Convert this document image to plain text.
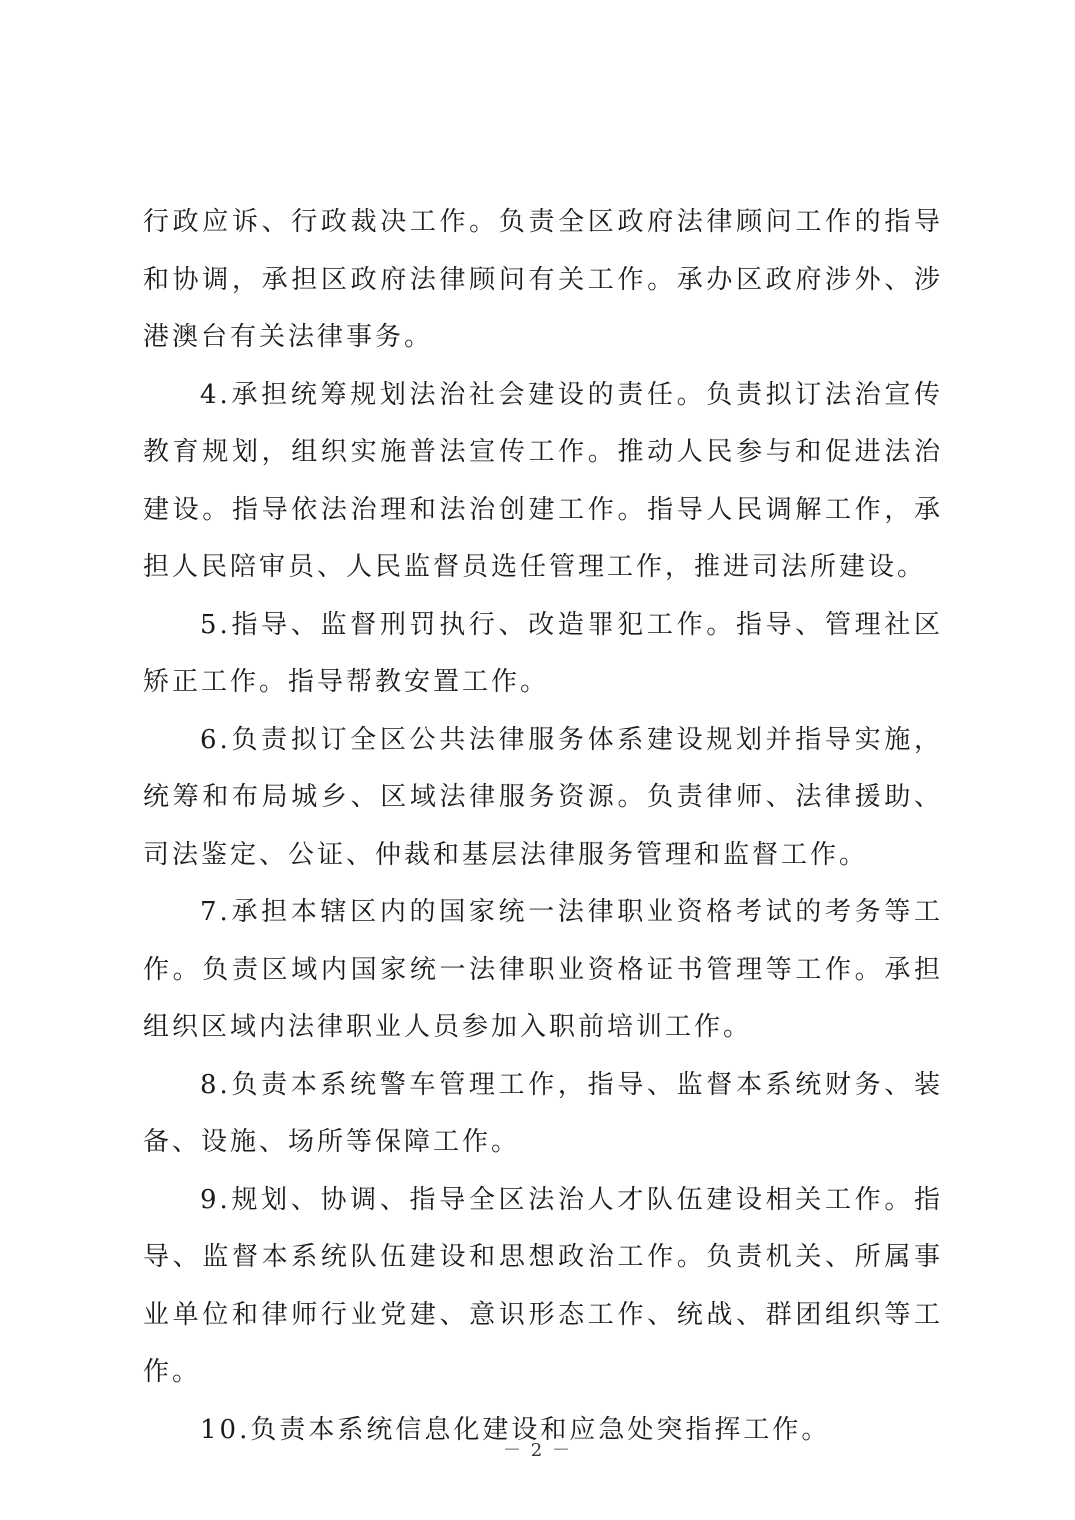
行政应诉、行政裁决工作。负责全区政府法律顾问工作的指导和协调，承担区政府法律顾问有关工作。承办区政府涉外、涉港澳台有关法律事务。

4.承担统筹规划法治社会建设的责任。负责拟订法治宣传教育规划，组织实施普法宣传工作。推动人民参与和促进法治建设。指导依法治理和法治创建工作。指导人民调解工作，承担人民陪审员、人民监督员选任管理工作，推进司法所建设。

5.指导、监督刑罚执行、改造罪犯工作。指导、管理社区矫正工作。指导帮教安置工作。

6.负责拟订全区公共法律服务体系建设规划并指导实施，统筹和布局城乡、区域法律服务资源。负责律师、法律援助、司法鉴定、公证、仲裁和基层法律服务管理和监督工作。

7.承担本辖区内的国家统一法律职业资格考试的考务等工作。负责区域内国家统一法律职业资格证书管理等工作。承担组织区域内法律职业人员参加入职前培训工作。

8.负责本系统警车管理工作，指导、监督本系统财务、装备、设施、场所等保障工作。

9.规划、协调、指导全区法治人才队伍建设相关工作。指导、监督本系统队伍建设和思想政治工作。负责机关、所属事业单位和律师行业党建、意识形态工作、统战、群团组织等工作。

10.负责本系统信息化建设和应急处突指挥工作。

－ 2 －
